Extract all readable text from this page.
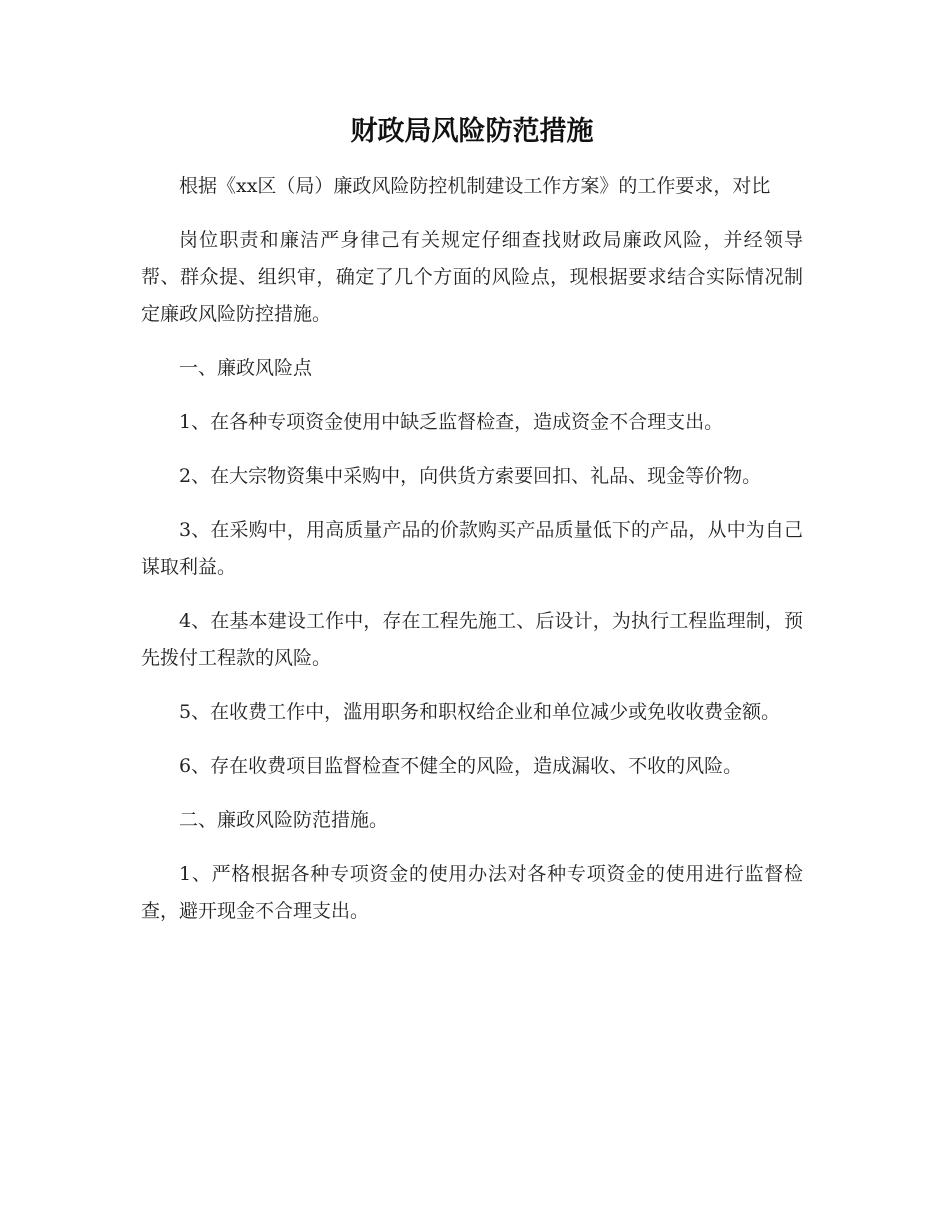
财政局风险防范措施

根据《xx区（局）廉政风险防控机制建设工作方案》的工作要求，对比

岗位职责和廉洁严身律己有关规定仔细查找财政局廉政风险，并经领导帮、群众提、组织审，确定了几个方面的风险点，现根据要求结合实际情况制定廉政风险防控措施。

一、廉政风险点

1、在各种专项资金使用中缺乏监督检查，造成资金不合理支出。

2、在大宗物资集中采购中，向供货方索要回扣、礼品、现金等价物。

3、在采购中，用高质量产品的价款购买产品质量低下的产品，从中为自己谋取利益。

4、在基本建设工作中，存在工程先施工、后设计，为执行工程监理制，预先拨付工程款的风险。

5、在收费工作中，滥用职务和职权给企业和单位减少或免收收费金额。

6、存在收费项目监督检查不健全的风险，造成漏收、不收的风险。

二、廉政风险防范措施。

1、严格根据各种专项资金的使用办法对各种专项资金的使用进行监督检查，避开现金不合理支出。
